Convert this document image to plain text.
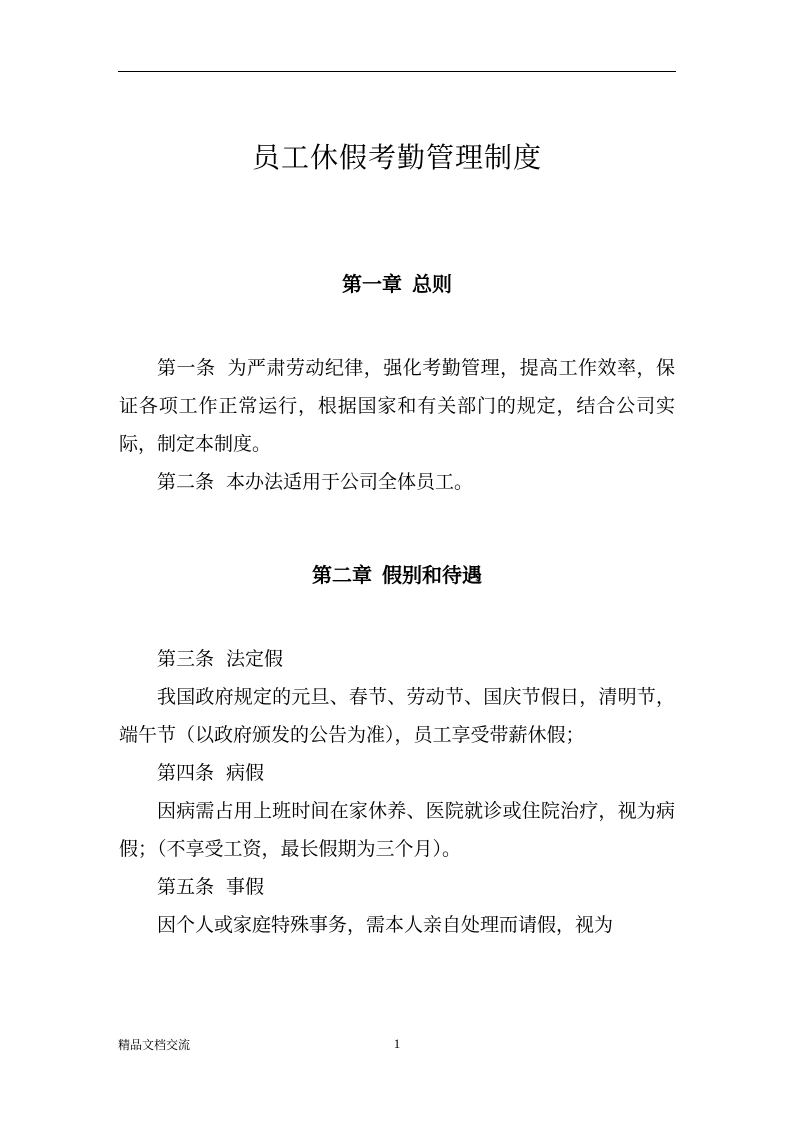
员工休假考勤管理制度
第一章 总则

第一条 为严肃劳动纪律，强化考勤管理，提高工作效率，保证各项工作正常运行，根据国家和有关部门的规定，结合公司实际，制定本制度。

第二条 本办法适用于公司全体员工。

第二章 假别和待遇

第三条 法定假

我国政府规定的元旦、春节、劳动节、国庆节假日，清明节，端午节（以政府颁发的公告为准），员工享受带薪休假；

第四条 病假

因病需占用上班时间在家休养、医院就诊或住院治疗，视为病假；（不享受工资，最长假期为三个月）。

第五条 事假

因个人或家庭特殊事务，需本人亲自处理而请假，视为

精品文档交流	1
